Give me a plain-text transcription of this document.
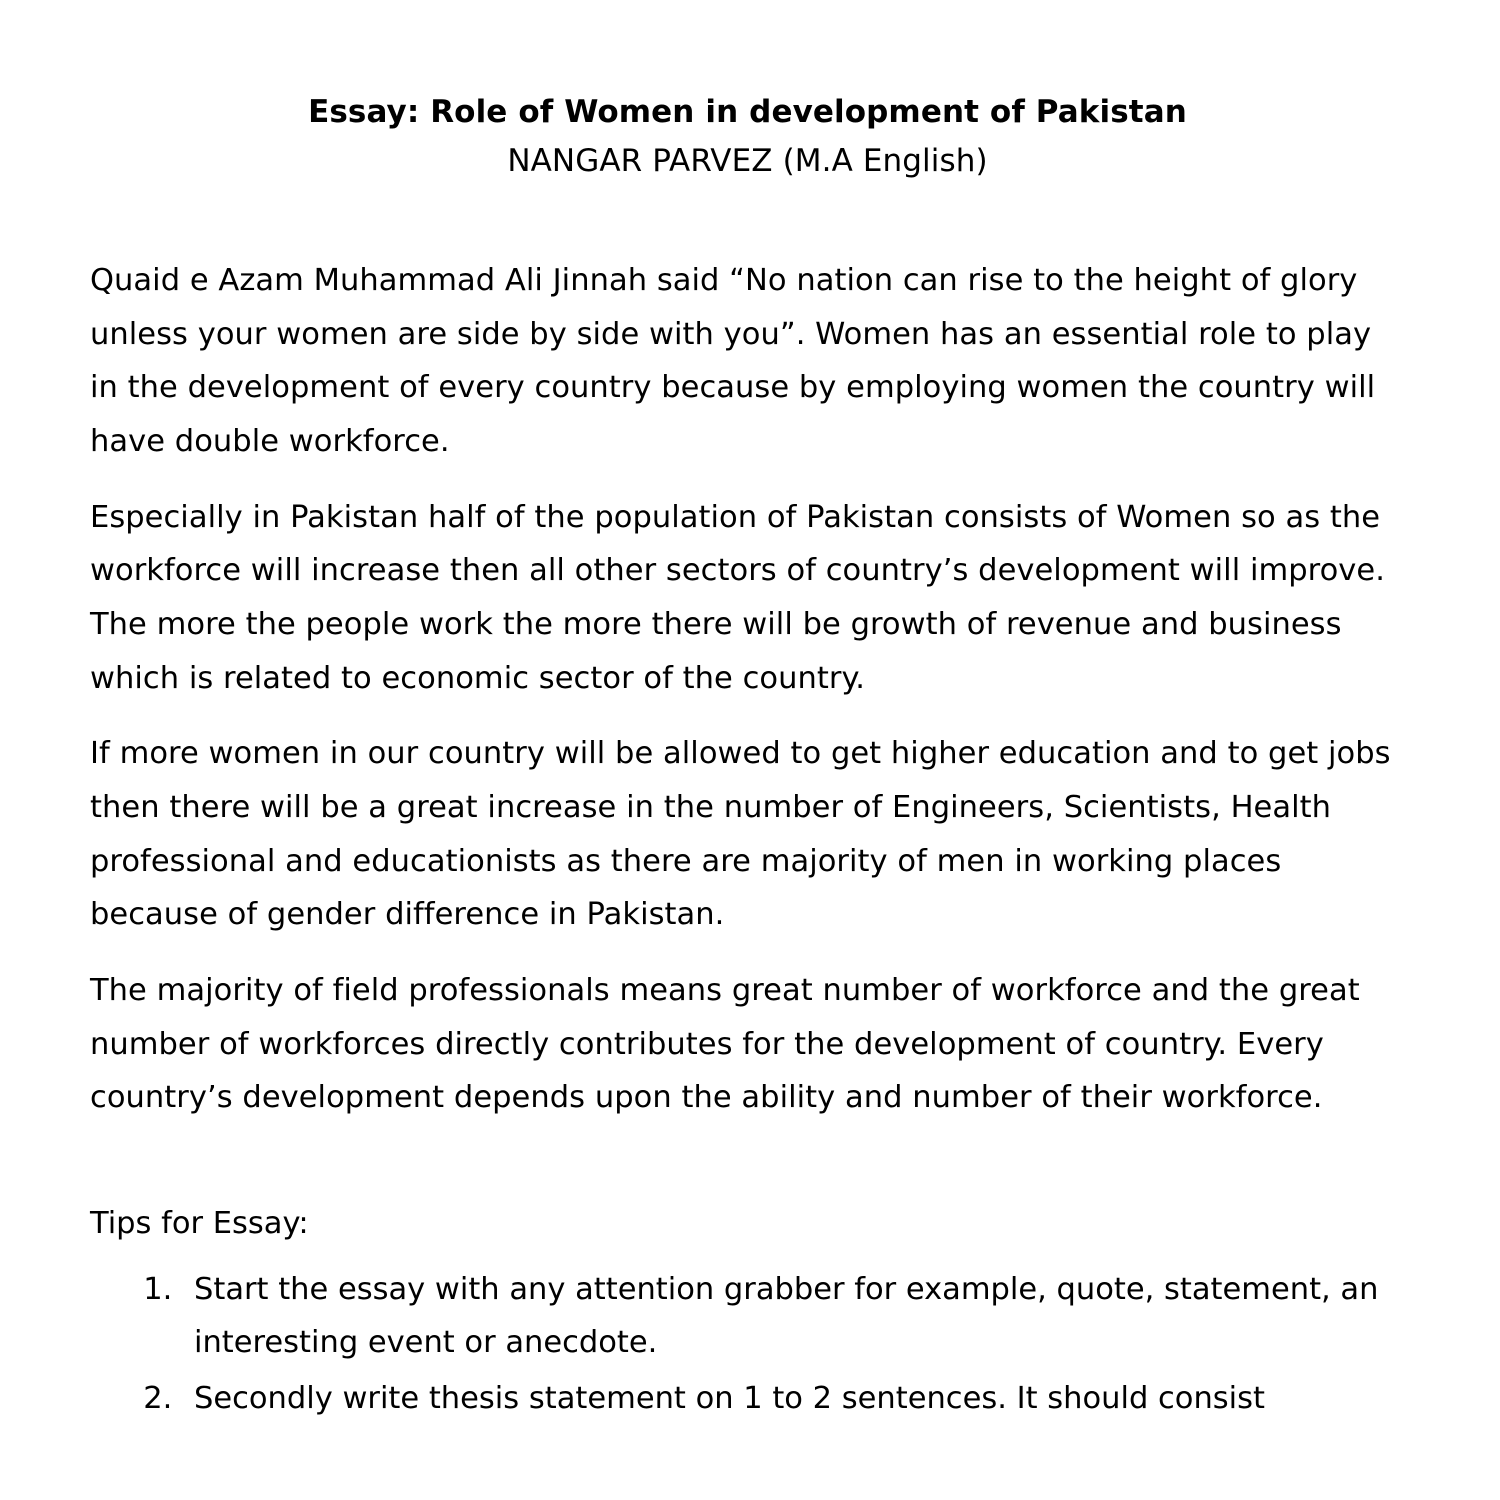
Essay: Role of Women in development of Pakistan
NANGAR PARVEZ (M.A English)

Quaid e Azam Muhammad Ali Jinnah said “No nation can rise to the height of glory unless your women are side by side with you”. Women has an essential role to play in the development of every country because by employing women the country will have double workforce.

Especially in Pakistan half of the population of Pakistan consists of Women so as the workforce will increase then all other sectors of country’s development will improve. The more the people work the more there will be growth of revenue and business which is related to economic sector of the country.

If more women in our country will be allowed to get higher education and to get jobs then there will be a great increase in the number of Engineers, Scientists, Health professional and educationists as there are majority of men in working places because of gender difference in Pakistan.

The majority of field professionals means great number of workforce and the great number of workforces directly contributes for the development of country. Every country’s development depends upon the ability and number of their workforce.

Tips for Essay:

1. Start the essay with any attention grabber for example, quote, statement, an interesting event or anecdote.
2. Secondly write thesis statement on 1 to 2 sentences. It should consist
